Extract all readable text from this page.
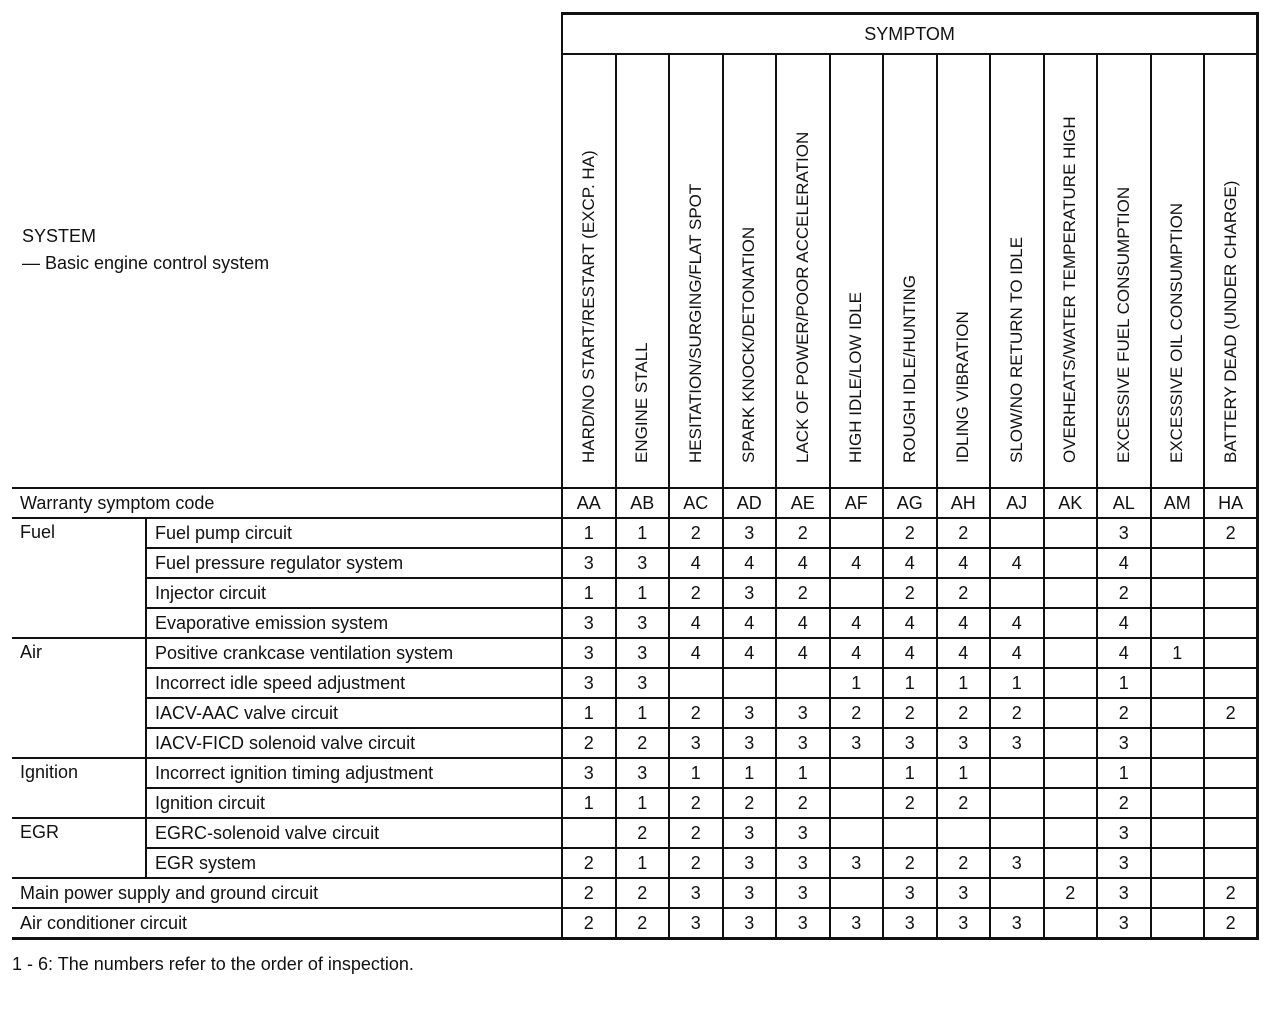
SYSTEM
— Basic engine control system		SYMPTOM												

		HARD/NO START/RESTART (EXCP. HA)	ENGINE STALL	HESITATION/SURGING/FLAT SPOT	SPARK KNOCK/DETONATION	LACK OF POWER/POOR ACCELERATION	HIGH IDLE/LOW IDLE	ROUGH IDLE/HUNTING	IDLING VIBRATION	SLOW/NO RETURN TO IDLE	OVERHEATS/WATER TEMPERATURE HIGH	EXCESSIVE FUEL CONSUMPTION	EXCESSIVE OIL CONSUMPTION	BATTERY DEAD (UNDER CHARGE)

Warranty symptom code		AA	AB	AC	AD	AE	AF	AG	AH	AJ	AK	AL	AM	HA
Fuel	Fuel pump circuit	1	1	2	3	2		2	2			3		2
	Fuel pressure regulator system	3	3	4	4	4	4	4	4	4		4		
	Injector circuit	1	1	2	3	2		2	2			2		
	Evaporative emission system	3	3	4	4	4	4	4	4	4		4		
Air	Positive crankcase ventilation system	3	3	4	4	4	4	4	4	4		4	1	
	Incorrect idle speed adjustment	3	3				1	1	1	1		1		
	IACV-AAC valve circuit	1	1	2	3	3	2	2	2	2		2		2
	IACV-FICD solenoid valve circuit	2	2	3	3	3	3	3	3	3		3		
Ignition	Incorrect ignition timing adjustment	3	3	1	1	1		1	1			1		
	Ignition circuit	1	1	2	2	2		2	2			2		
EGR	EGRC-solenoid valve circuit		2	2	3	3						3		
	EGR system	2	1	2	3	3	3	2	2	3		3		
Main power supply and ground circuit		2	2	3	3	3		3	3		2	3		2
Air conditioner circuit		2	2	3	3	3	3	3	3	3		3		2
1 - 6: The numbers refer to the order of inspection.
